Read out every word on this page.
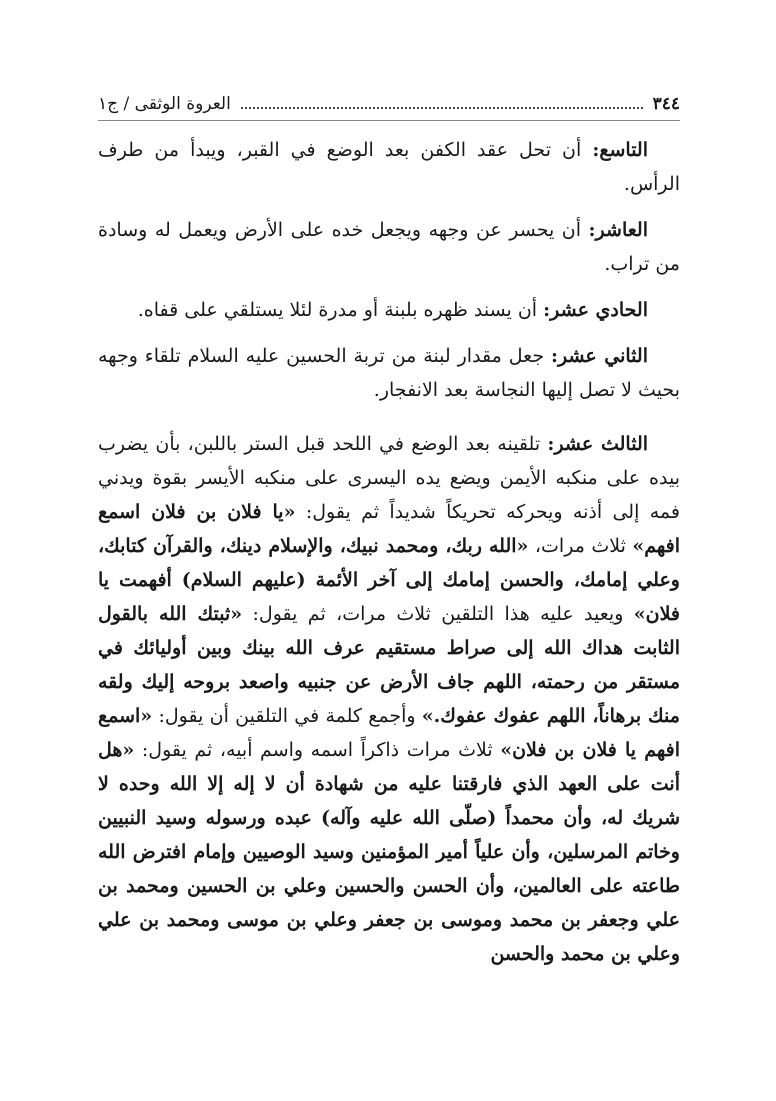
٣٤٤
العروة الوثقى / ج١

التاسع: أن تحل عقد الكفن بعد الوضع في القبر، ويبدأ من طرف الرأس.

العاشر: أن يحسر عن وجهه ويجعل خده على الأرض ويعمل له وسادة من تراب.

الحادي عشر: أن يسند ظهره بلبنة أو مدرة لئلا يستلقي على قفاه.

الثاني عشر: جعل مقدار لبنة من تربة الحسين عليه السلام تلقاء وجهه بحيث لا تصل إليها النجاسة بعد الانفجار.

الثالث عشر: تلقينه بعد الوضع في اللحد قبل الستر باللبن، بأن يضرب بيده على منكبه الأيمن ويضع يده اليسرى على منكبه الأيسر بقوة ويدني فمه إلى أذنه ويحركه تحريكاً شديداً ثم يقول: «يا فلان بن فلان اسمع افهم» ثلاث مرات، «الله ربك، ومحمد نبيك، والإسلام دينك، والقرآن كتابك، وعلي إمامك، والحسن إمامك إلى آخر الأئمة (عليهم السلام) أفهمت يا فلان» ويعيد عليه هذا التلقين ثلاث مرات، ثم يقول: «ثبتك الله بالقول الثابت هداك الله إلى صراط مستقيم عرف الله بينك وبين أوليائك في مستقر من رحمته، اللهم جاف الأرض عن جنبيه واصعد بروحه إليك ولقه منك برهاناً، اللهم عفوك عفوك.» وأجمع كلمة في التلقين أن يقول: «اسمع افهم يا فلان بن فلان» ثلاث مرات ذاكراً اسمه واسم أبيه، ثم يقول: «هل أنت على العهد الذي فارقتنا عليه من شهادة أن لا إله إلا الله وحده لا شريك له، وأن محمداً (صلّى الله عليه وآله) عبده ورسوله وسيد النبيين وخاتم المرسلين، وأن علياً أمير المؤمنين وسيد الوصيين وإمام افترض الله طاعته على العالمين، وأن الحسن والحسين وعلي بن الحسين ومحمد بن علي وجعفر بن محمد وموسى بن جعفر وعلي بن موسى ومحمد بن علي وعلي بن محمد والحسن
